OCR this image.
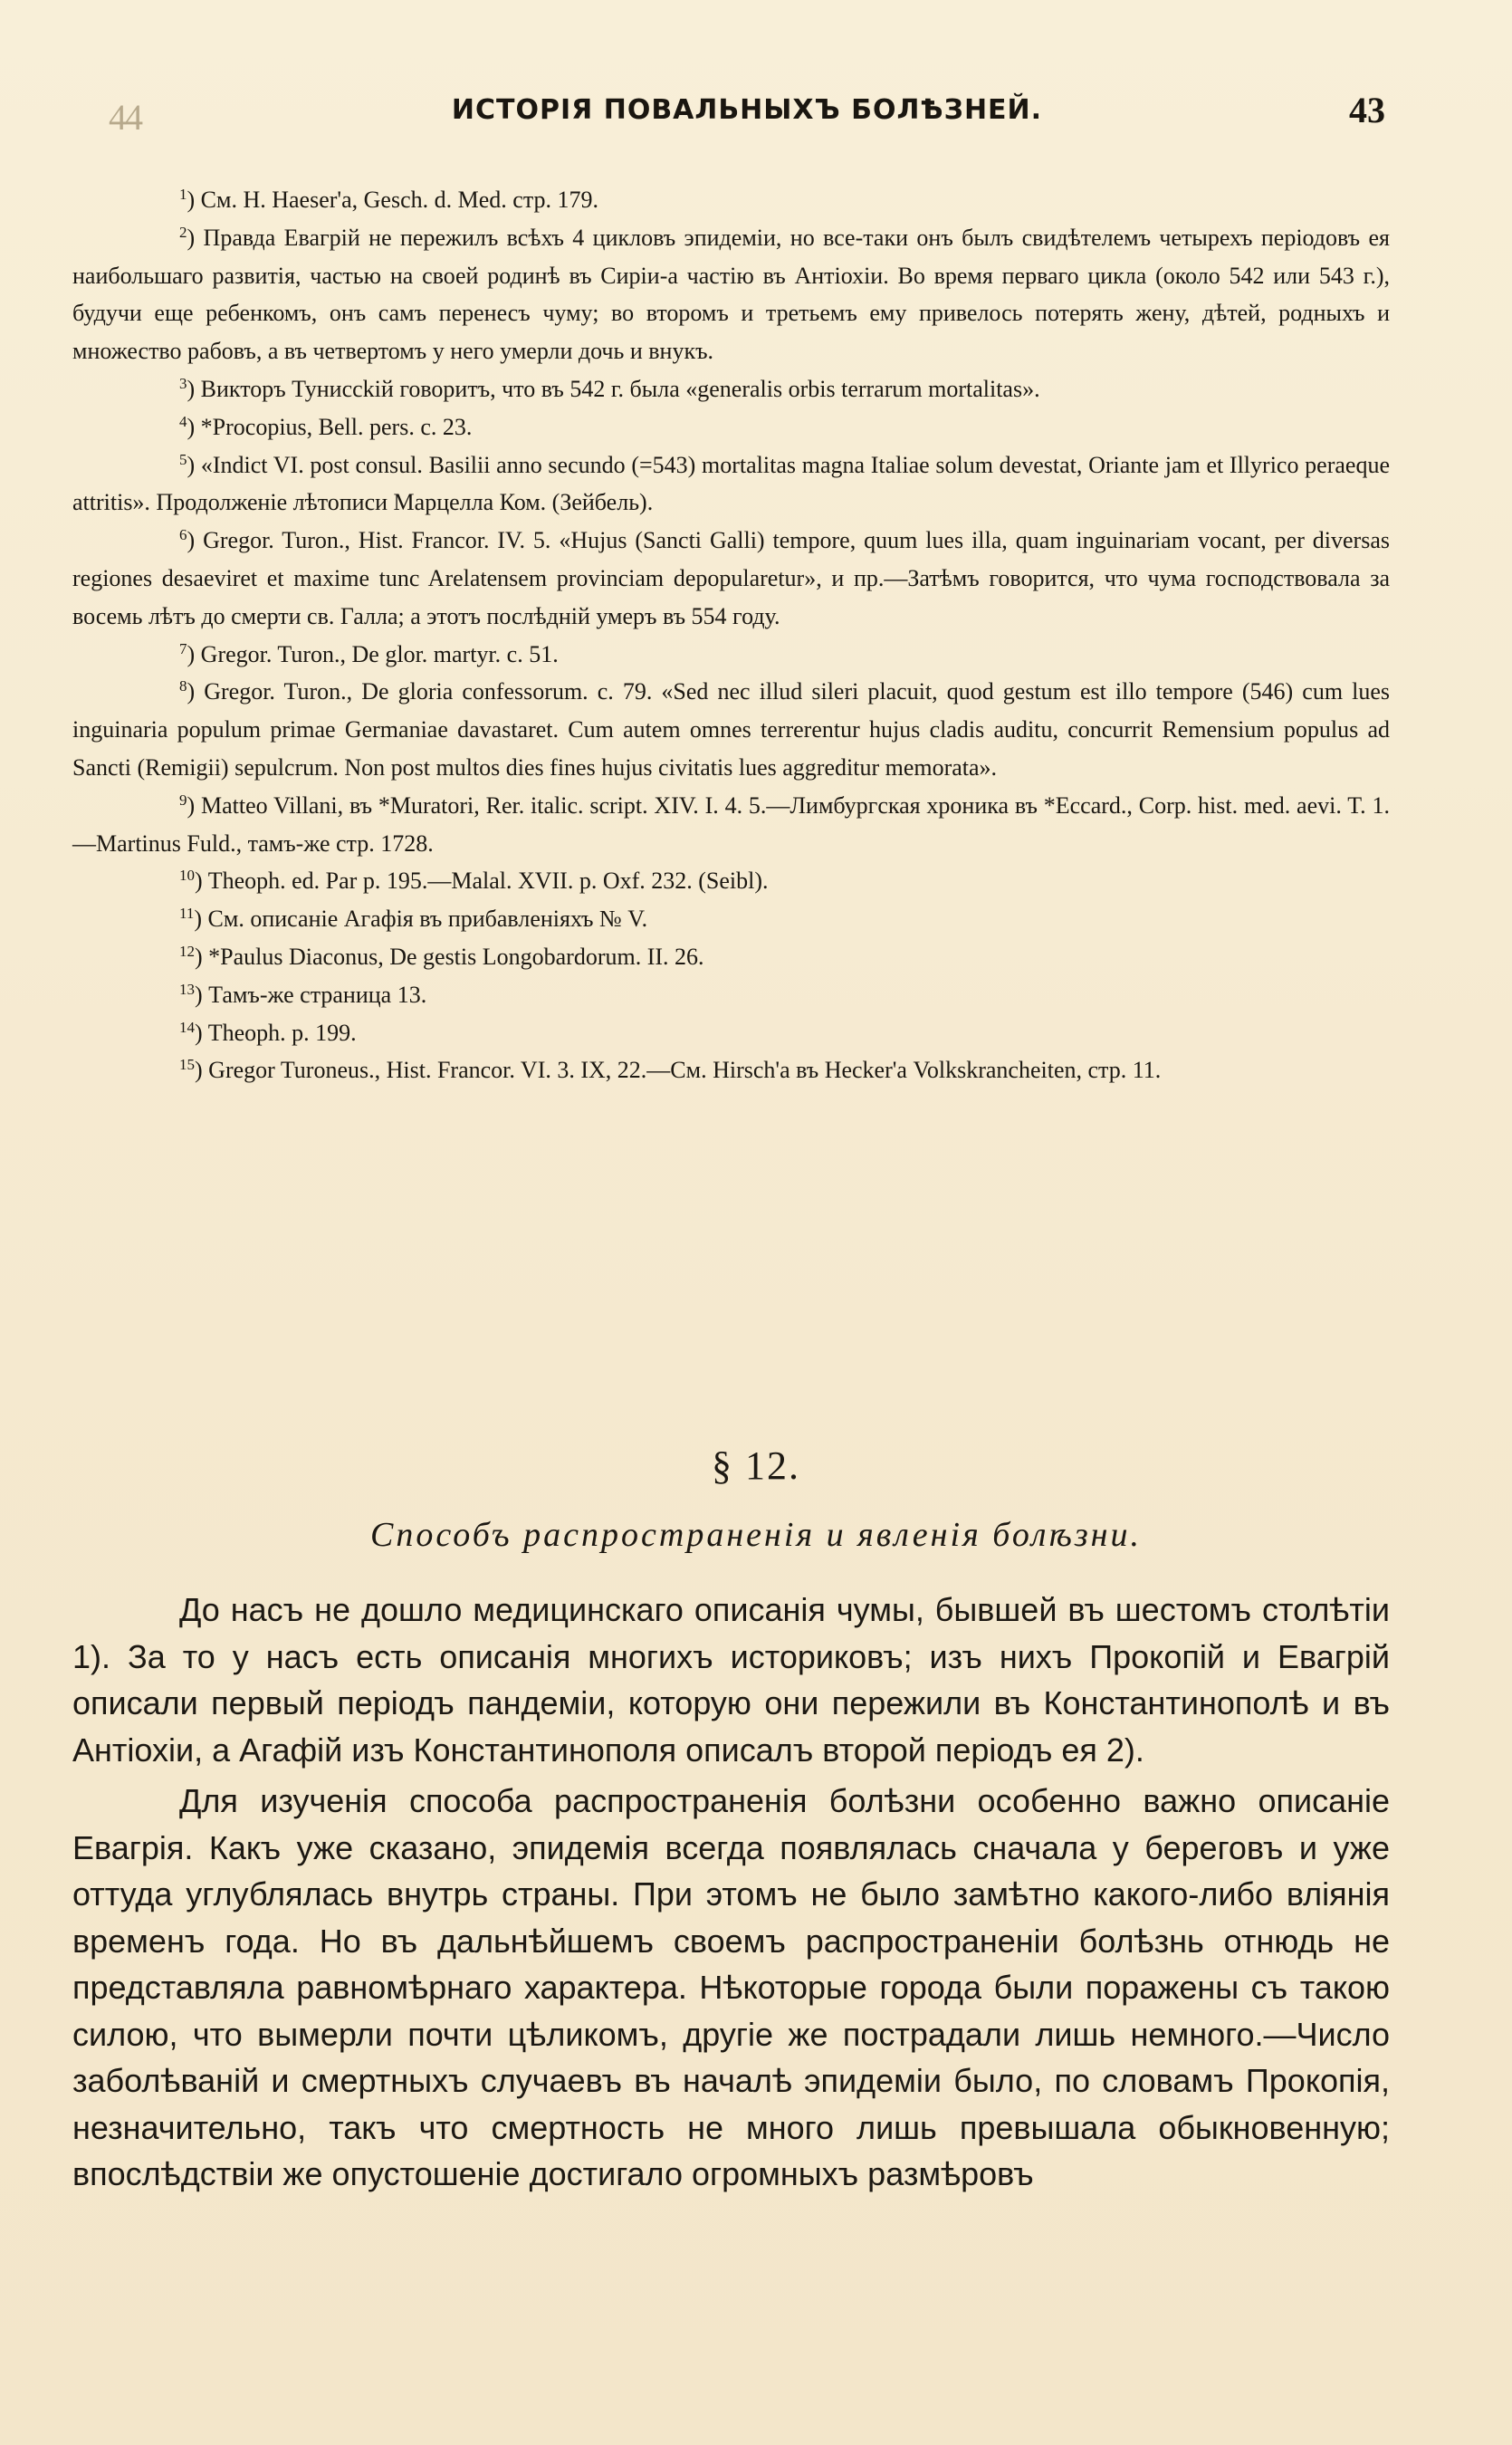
44	ИСТОРІЯ ПОВАЛЬНЫХЪ БОЛѢЗНЕЙ.	43

$^1$) См. Н. Haeser'a, Gesch. d. Med. стр. 179.

$^2$) Правда Евагрій не пережилъ всѣхъ 4 цикловъ эпидеміи, но все-таки онъ былъ свидѣтелемъ четырехъ періодовъ ея наибольшаго развитія, частью на своей родинѣ въ Сиріи-а частію въ Антіохіи. Во время перваго цикла (около 542 или 543 г.), будучи еще ребенкомъ, онъ самъ перенесъ чуму; во второмъ и третьемъ ему привелось потерять жену, дѣтей, родныхъ и множество рабовъ, а въ четвертомъ у него умерли дочь и внукъ.

$^3$) Викторъ Туниссkій говоритъ, что въ 542 г. была «generalis orbis terrarum mortalitas».

$^4$) *Procopius, Bell. pers. c. 23.

$^5$) «Indict VI. post consul. Basilii anno secundo (=543) mortalitas magna Italiae solum devestat, Oriante jam et Illyrico peraeque attritis». Продолженіе лѣтописи Марцелла Ком. (Зейбель).

$^6$) Gregor. Turon., Hist. Francor. IV. 5. «Hujus (Sancti Galli) tempore, quum lues illa, quam inguinariam vocant, per diversas regiones desaeviret et maxime tunc Arelatensem provinciam depopularetur», и пр.—Затѣмъ говорится, что чума господствовала за восемь лѣтъ до смерти св. Галла; а этотъ послѣдній умеръ въ 554 году.

$^7$) Gregor. Turon., De glor. martyr. c. 51.

$^8$) Gregor. Turon., De gloria confessorum. c. 79. «Sed nec illud sileri placuit, quod gestum est illo tempore (546) cum lues inguinaria populum primae Germaniae davastaret. Cum autem omnes terrerentur hujus cladis auditu, concurrit Remensium populus ad Sancti (Remigii) sepulcrum. Non post multos dies fines hujus civitatis lues aggreditur memorata».

$^9$) Matteo Villani, въ *Muratori, Rer. italic. script. XIV. I. 4. 5.—Лимбургская хроника въ *Eccard., Corp. hist. med. aevi. T. 1.—Martinus Fuld., тамъ-же стр. 1728.

$^{10}$) Theoph. ed. Par p. 195.—Malal. XVII. p. Oxf. 232. (Seibl).

$^{11}$) См. описаніе Агафія въ прибавленіяхъ № V.

$^{12}$) *Paulus Diaconus, De gestis Longobardorum. II. 26.

$^{13}$) Тамъ-же страница 13.

$^{14}$) Theoph. p. 199.

$^{15}$) Gregor Turoneus., Hist. Francor. VI. 3. IX, 22.—См. Hirsch'а въ Hecker'а Volkskrancheiten, стр. 11.

§ 12.
Способъ распространенія и явленія болѣзни.

До насъ не дошло медицинскаго описанія чумы, бывшей въ шестомъ столѣтіи 1). За то у насъ есть описанія многихъ историковъ; изъ нихъ Прокопій и Евагрій описали первый періодъ пандеміи, которую они пережили въ Константинополѣ и въ Антіохіи, а Агафій изъ Константинополя описалъ второй періодъ ея 2).

Для изученія способа распространенія болѣзни особенно важно описаніе Евагрія. Какъ уже сказано, эпидемія всегда появлялась сначала у береговъ и уже оттуда углублялась внутрь страны. При этомъ не было замѣтно какого-либо вліянія временъ года. Но въ дальнѣйшемъ своемъ распространеніи болѣзнь отнюдь не представляла равномѣрнаго характера. Нѣкоторые города были поражены съ такою силою, что вымерли почти цѣликомъ, другіе же пострадали лишь немного.—Число заболѣваній и смертныхъ случаевъ въ началѣ эпидеміи было, по словамъ Прокопія, незначительно, такъ что смертность не много лишь превышала обыкновенную; впослѣдствіи же опустошеніе достигало огромныхъ размѣровъ
